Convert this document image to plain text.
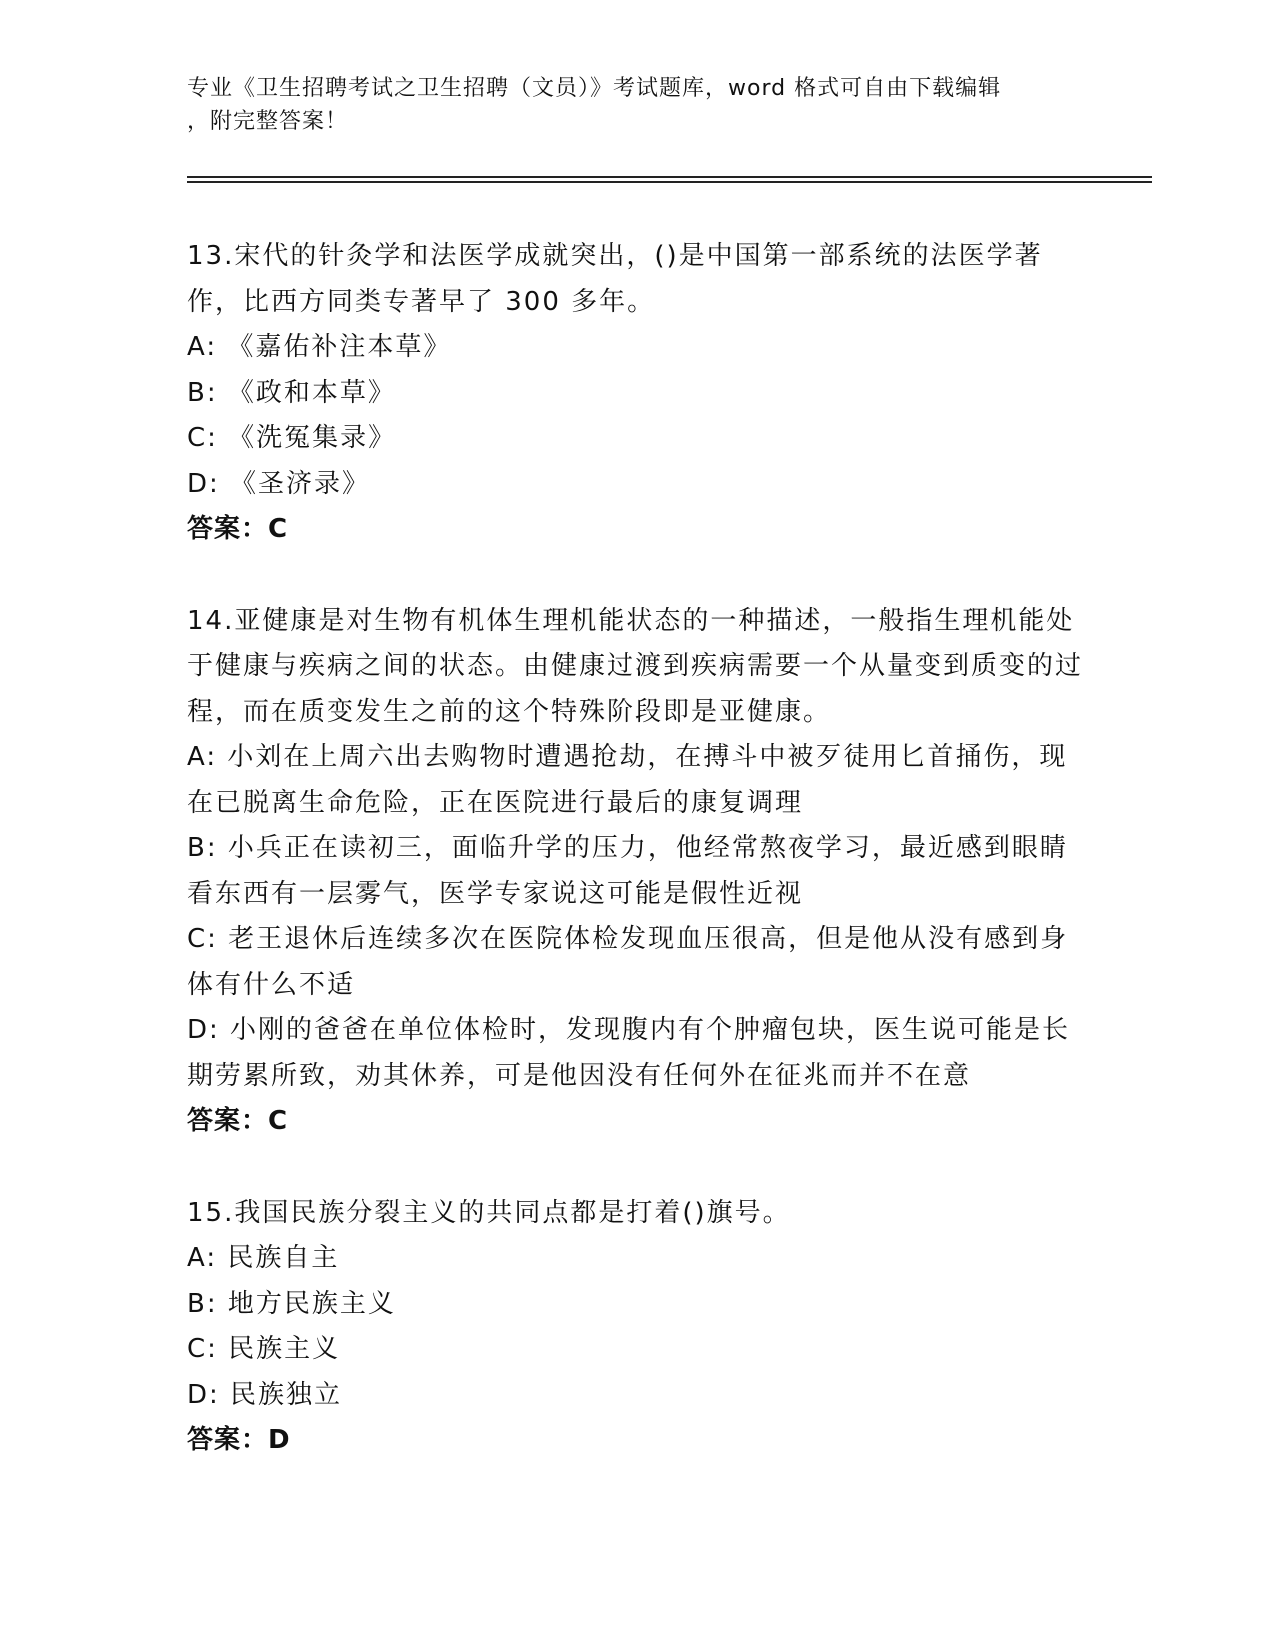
专业《卫生招聘考试之卫生招聘（文员）》考试题库，word 格式可自由下载编辑
，附完整答案！
13.宋代的针灸学和法医学成就突出，()是中国第一部系统的法医学著作，比西方同类专著早了 300 多年。
A: 《嘉佑补注本草》
B: 《政和本草》
C: 《洗冤集录》
D: 《圣济录》
答案：C
14.亚健康是对生物有机体生理机能状态的一种描述，一般指生理机能处于健康与疾病之间的状态。由健康过渡到疾病需要一个从量变到质变的过程，而在质变发生之前的这个特殊阶段即是亚健康。
A: 小刘在上周六出去购物时遭遇抢劫，在搏斗中被歹徒用匕首捅伤，现在已脱离生命危险，正在医院进行最后的康复调理
B: 小兵正在读初三，面临升学的压力，他经常熬夜学习，最近感到眼睛看东西有一层雾气，医学专家说这可能是假性近视
C: 老王退休后连续多次在医院体检发现血压很高，但是他从没有感到身体有什么不适
D: 小刚的爸爸在单位体检时，发现腹内有个肿瘤包块，医生说可能是长期劳累所致，劝其休养，可是他因没有任何外在征兆而并不在意
答案：C
15.我国民族分裂主义的共同点都是打着()旗号。
A: 民族自主
B: 地方民族主义
C: 民族主义
D: 民族独立
答案：D
